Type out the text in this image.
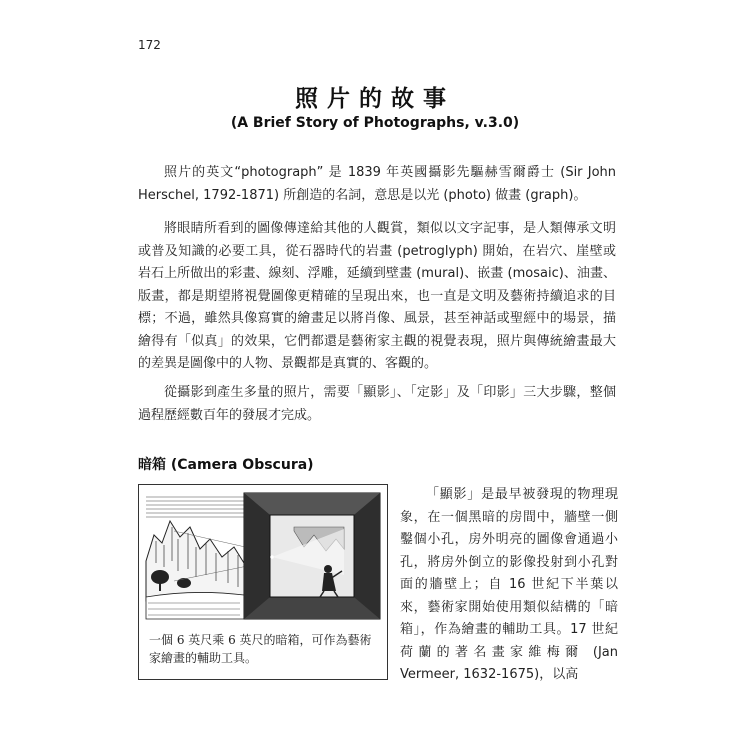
172
照片的故事
(A Brief Story of Photographs, v.3.0)

照片的英文“photograph” 是 1839 年英國攝影先驅赫雪爾爵士 (Sir John Herschel, 1792-1871) 所創造的名詞，意思是以光 (photo) 做畫 (graph)。

將眼睛所看到的圖像傳達給其他的人觀賞，類似以文字記事，是人類傳承文明或普及知識的必要工具，從石器時代的岩畫 (petroglyph) 開始，在岩穴、崖壁或岩石上所做出的彩畫、線刻、浮雕，延續到壁畫 (mural)、嵌畫 (mosaic)、油畫、版畫，都是期望將視覺圖像更精確的呈現出來，也一直是文明及藝術持續追求的目標；不過，雖然具像寫實的繪畫足以將肖像、風景，甚至神話或聖經中的場景，描繪得有「似真」的效果，它們都還是藝術家主觀的視覺表現，照片與傳統繪畫最大的差異是圖像中的人物、景觀都是真實的、客觀的。

從攝影到產生多量的照片，需要「顯影」、「定影」及「印影」三大步驟，整個過程歷經數百年的發展才完成。

暗箱 (Camera Obscura)

一個 6 英尺乘 6 英尺的暗箱，可作為藝術家繪畫的輔助工具。

「顯影」是最早被發現的物理現象，在一個黑暗的房間中，牆壁一側鑿個小孔，房外明亮的圖像會通過小孔，將房外倒立的影像投射到小孔對面的牆壁上；自 16 世紀下半葉以來，藝術家開始使用類似結構的「暗箱」，作為繪畫的輔助工具。17 世紀荷蘭的著名畫家維梅爾 (Jan Vermeer, 1632-1675)，以高
